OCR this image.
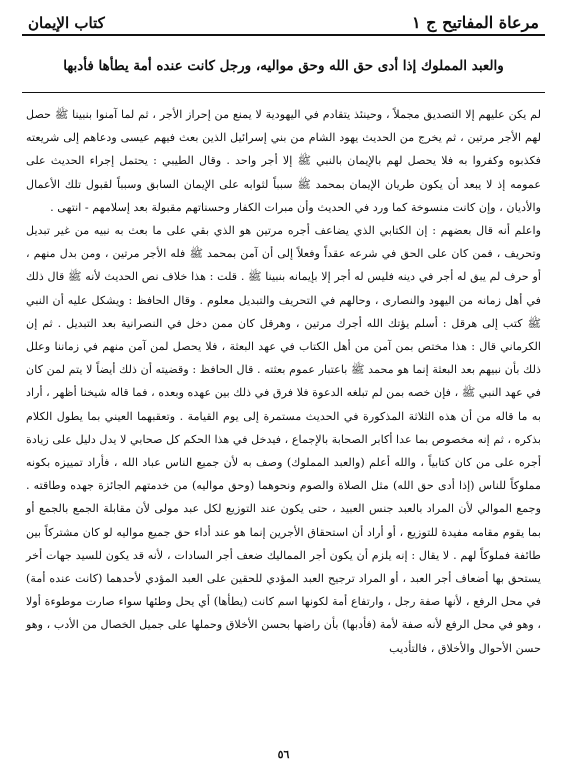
مرعاة المفاتيح ج ١
كتاب الإيمان
والعبد المملوك إذا أدى حق الله وحق مواليه، ورجل كانت عنده أمة يطأها فأدبها

لم يكن عليهم إلا التصديق مجملاً ، وحينئذ يتقادم في اليهودية لا يمنع من إحراز الأجر ، ثم لما آمنوا بنبينا ﷺ حصل لهم الأجر مرتين ، ثم يخرج من الحديث يهود الشام من بني إسرائيل الذين بعث فيهم عيسى ودعاهم إلى شريعته فكذبوه وكفروا به فلا يحصل لهم بالإيمان بالنبي ﷺ إلا أجر واحد . وقال الطيبي : يحتمل إجراء الحديث على عمومه إذ لا يبعد أن يكون طريان الإيمان بمحمد ﷺ سبباً لثوابه على الإيمان السابق وسبباً لقبول تلك الأعمال والأديان ، وإن كانت منسوخة كما ورد في الحديث وأن مبرات الكفار وحسناتهم مقبولة بعد إسلامهم - انتهى .

واعلم أنه قال بعضهم : إن الكتابي الذي يضاعف أجره مرتين هو الذي بقي على ما بعث به نبيه من غير تبديل وتحريف ، فمن كان على الحق في شرعه عقداً وفعلاً إلى أن آمن بمحمد ﷺ فله الأجر مرتين ، ومن بدل منهم ، أو حرف لم يبق له أجر في دينه فليس له أجر إلا بإيمانه بنبينا ﷺ . قلت : هذا خلاف نص الحديث لأنه ﷺ قال ذلك في أهل زمانه من اليهود والنصارى ، وحالهم في التحريف والتبديل معلوم . وقال الحافظ : ويشكل عليه أن النبي ﷺ كتب إلى هرقل : أسلم يؤتك الله أجرك مرتين ، وهرقل كان ممن دخل في النصرانية بعد التبديل . ثم إن الكرماني قال : هذا مختص بمن آمن من أهل الكتاب في عهد البعثة ، فلا يحصل لمن آمن منهم في زماننا وعلل ذلك بأن نبيهم بعد البعثة إنما هو محمد ﷺ باعتبار عموم بعثته . قال الحافظ : وقضيته أن ذلك أيضاً لا يتم لمن كان في عهد النبي ﷺ ، فإن خصه بمن لم تبلغه الدعوة فلا فرق في ذلك بين عهده وبعده ، فما قاله شيخنا أظهر ، أراد به ما قاله من أن هذه الثلاثة المذكورة في الحديث مستمرة إلى يوم القيامة . وتعقبهما العيني بما يطول الكلام بذكره ، ثم إنه مخصوص بما عدا أكابر الصحابة بالإجماع ، فيدخل في هذا الحكم كل صحابي لا يدل دليل على زيادة أجره على من كان كتابياً ، والله أعلم (والعبد المملوك) وصف به لأن جميع الناس عباد الله ، فأراد تمييزه بكونه مملوكاً للناس (إذا أدى حق الله) مثل الصلاة والصوم ونحوهما (وحق مواليه) من خدمتهم الجائزة جهده وطاقته . وجمع الموالي لأن المراد بالعبد جنس العبيد ، حتى يكون عند التوزيع لكل عبد مولى لأن مقابلة الجمع بالجمع أو بما يقوم مقامه مفيدة للتوزيع ، أو أراد أن استحقاق الأجرين إنما هو عند أداء حق جميع مواليه لو كان مشتركاً بين طائفة فملوكاً لهم . لا يقال : إنه يلزم أن يكون أجر المماليك ضعف أجر السادات ، لأنه قد يكون للسيد جهات أخر يستحق بها أضعاف أجر العبد ، أو المراد ترجيح العبد المؤدي للحقين على العبد المؤدي لأحدهما (كانت عنده أمة) في محل الرفع ، لأنها صفة رجل ، وارتفاع أمة لكونها اسم كانت (يطأها) أي يحل وطئها سواء صارت موطوءة أولا ، وهو في محل الرفع لأنه صفة لأمة (فأدبها) بأن راضها بحسن الأخلاق وحملها على جميل الخصال من الأدب ، وهو حسن الأحوال والأخلاق ، فالتأديب

٥٦
